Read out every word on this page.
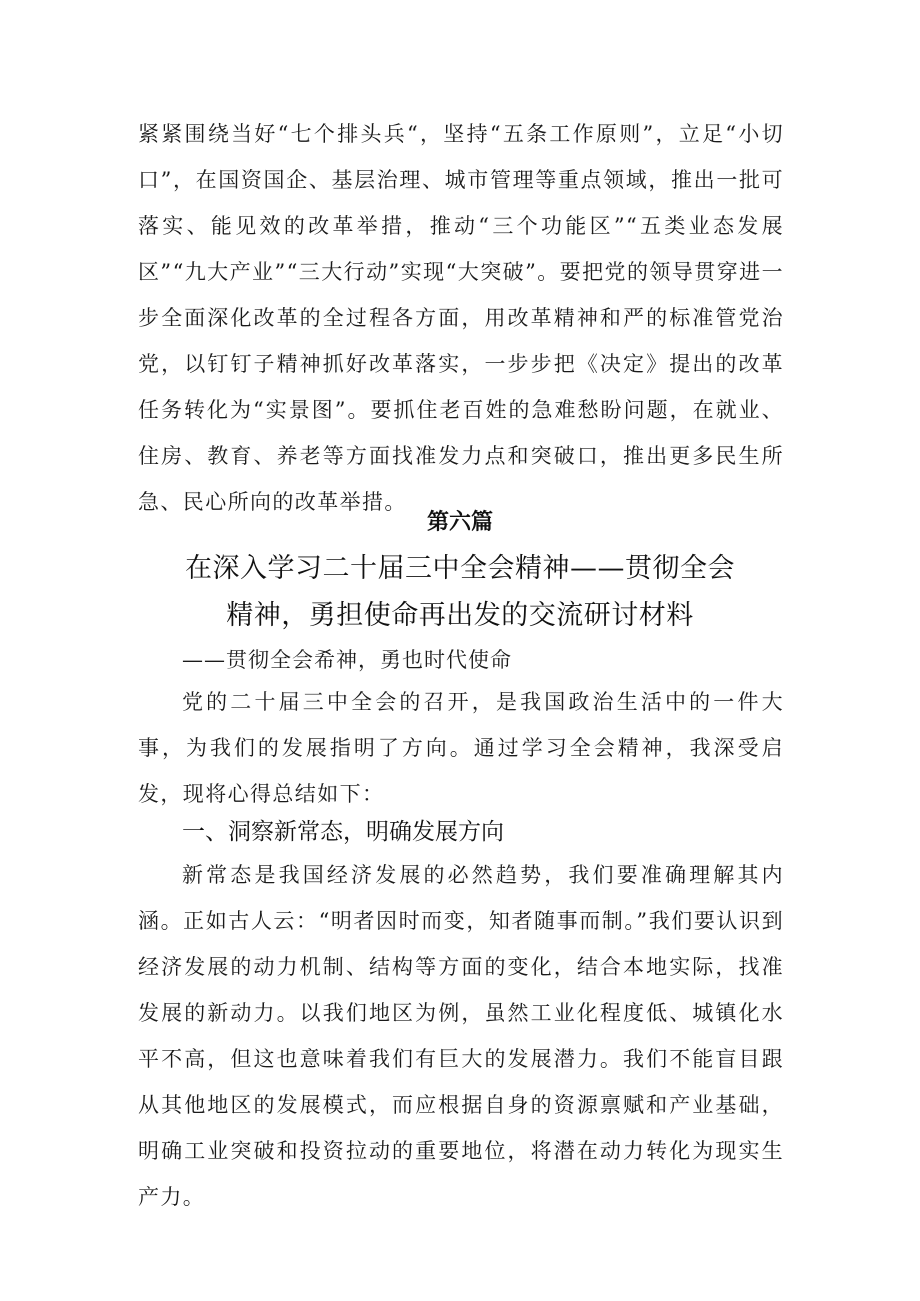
紧紧围绕当好“七个排头兵“，坚持“五条工作原则”，立足“小切口”，在国资国企、基层治理、城市管理等重点领域，推出一批可落实、能见效的改革举措，推动“三个功能区”“五类业态发展区”“九大产业”“三大行动”实现“大突破”。要把党的领导贯穿进一步全面深化改革的全过程各方面，用改革精神和严的标准管党治党，以钉钉子精神抓好改革落实，一步步把《决定》提出的改革任务转化为“实景图”。要抓住老百姓的急难愁盼问题，在就业、住房、教育、养老等方面找准发力点和突破口，推出更多民生所急、民心所向的改革举措。

第六篇
在深入学习二十届三中全会精神——贯彻全会
精神，勇担使命再出发的交流研讨材料
——贯彻全会希神，勇也时代使命

党的二十届三中全会的召开，是我国政治生活中的一件大事，为我们的发展指明了方向。通过学习全会精神，我深受启发，现将心得总结如下：

一、洞察新常态，明确发展方向

新常态是我国经济发展的必然趋势，我们要准确理解其内涵。正如古人云：“明者因时而变，知者随事而制。”我们要认识到经济发展的动力机制、结构等方面的变化，结合本地实际，找准发展的新动力。以我们地区为例，虽然工业化程度低、城镇化水平不高，但这也意味着我们有巨大的发展潜力。我们不能盲目跟从其他地区的发展模式，而应根据自身的资源禀赋和产业基础，明确工业突破和投资拉动的重要地位，将潜在动力转化为现实生产力。
